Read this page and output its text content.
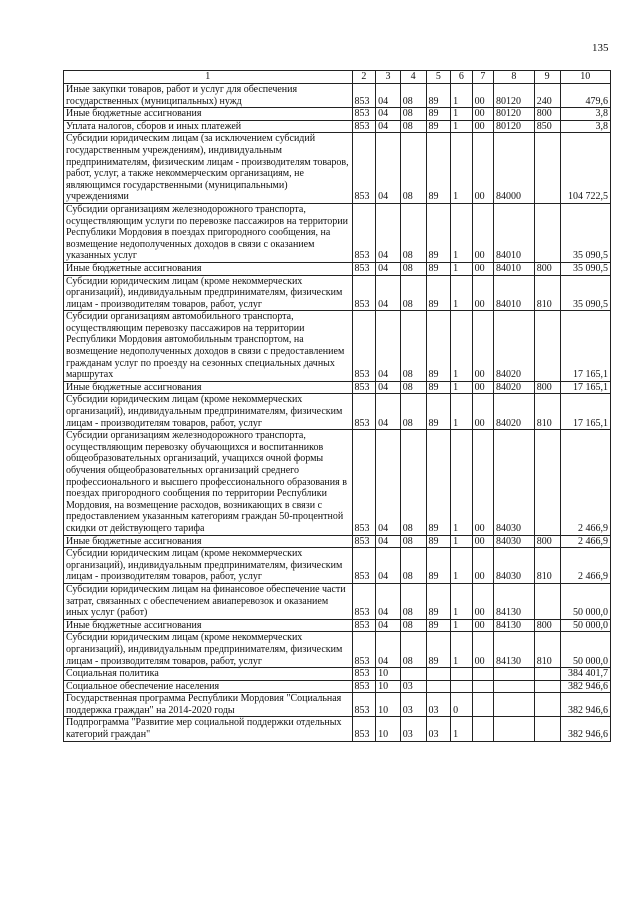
135
1	2	3	4	5	6	7	8	9	10
Иные закупки товаров, работ и услуг для обеспечения государственных (муниципальных) нужд	853	04	08	89	1	00	80120	240	479,6
Иные бюджетные ассигнования	853	04	08	89	1	00	80120	800	3,8
Уплата налогов, сборов и иных платежей	853	04	08	89	1	00	80120	850	3,8
Субсидии юридическим лицам (за исключением субсидий государственным учреждениям), индивидуальным предпринимателям, физическим лицам - производителям товаров, работ, услуг, а также некоммерческим организациям, не являющимся государственными (муниципальными) учреждениями	853	04	08	89	1	00	84000		104 722,5
Субсидии организациям железнодорожного транспорта, осуществляющим услуги по перевозке пассажиров на территории Республики Мордовия в поездах пригородного сообщения, на возмещение недополученных доходов в связи с оказанием указанных услуг	853	04	08	89	1	00	84010		35 090,5
Иные бюджетные ассигнования	853	04	08	89	1	00	84010	800	35 090,5
Субсидии юридическим лицам (кроме некоммерческих организаций), индивидуальным предпринимателям, физическим лицам - производителям товаров, работ, услуг	853	04	08	89	1	00	84010	810	35 090,5
Субсидии организациям автомобильного транспорта, осуществляющим перевозку пассажиров на территории Республики Мордовия автомобильным транспортом, на возмещение недополученных доходов в связи с предоставлением гражданам услуг по проезду на сезонных специальных дачных маршрутах	853	04	08	89	1	00	84020		17 165,1
Иные бюджетные ассигнования	853	04	08	89	1	00	84020	800	17 165,1
Субсидии юридическим лицам (кроме некоммерческих организаций), индивидуальным предпринимателям, физическим лицам - производителям товаров, работ, услуг	853	04	08	89	1	00	84020	810	17 165,1
Субсидии организациям железнодорожного транспорта, осуществляющим перевозку обучающихся и воспитанников общеобразовательных организаций, учащихся очной формы обучения общеобразовательных организаций среднего профессионального и высшего профессионального образования в поездах пригородного сообщения по территории Республики Мордовия, на возмещение расходов, возникающих в связи с предоставлением указанным категориям граждан 50-процентной скидки от действующего тарифа	853	04	08	89	1	00	84030		2 466,9
Иные бюджетные ассигнования	853	04	08	89	1	00	84030	800	2 466,9
Субсидии юридическим лицам (кроме некоммерческих организаций), индивидуальным предпринимателям, физическим лицам - производителям товаров, работ, услуг	853	04	08	89	1	00	84030	810	2 466,9
Субсидии юридическим лицам на финансовое обеспечение части затрат, связанных с обеспечением авиаперевозок и оказанием иных услуг (работ)	853	04	08	89	1	00	84130		50 000,0
Иные бюджетные ассигнования	853	04	08	89	1	00	84130	800	50 000,0
Субсидии юридическим лицам (кроме некоммерческих организаций), индивидуальным предпринимателям, физическим лицам - производителям товаров, работ, услуг	853	04	08	89	1	00	84130	810	50 000,0
Социальная политика	853	10							384 401,7
Социальное обеспечение населения	853	10	03						382 946,6
Государственная программа Республики Мордовия "Социальная поддержка граждан" на 2014-2020 годы	853	10	03	03	0				382 946,6
Подпрограмма "Развитие мер социальной поддержки отдельных категорий граждан"	853	10	03	03	1				382 946,6
